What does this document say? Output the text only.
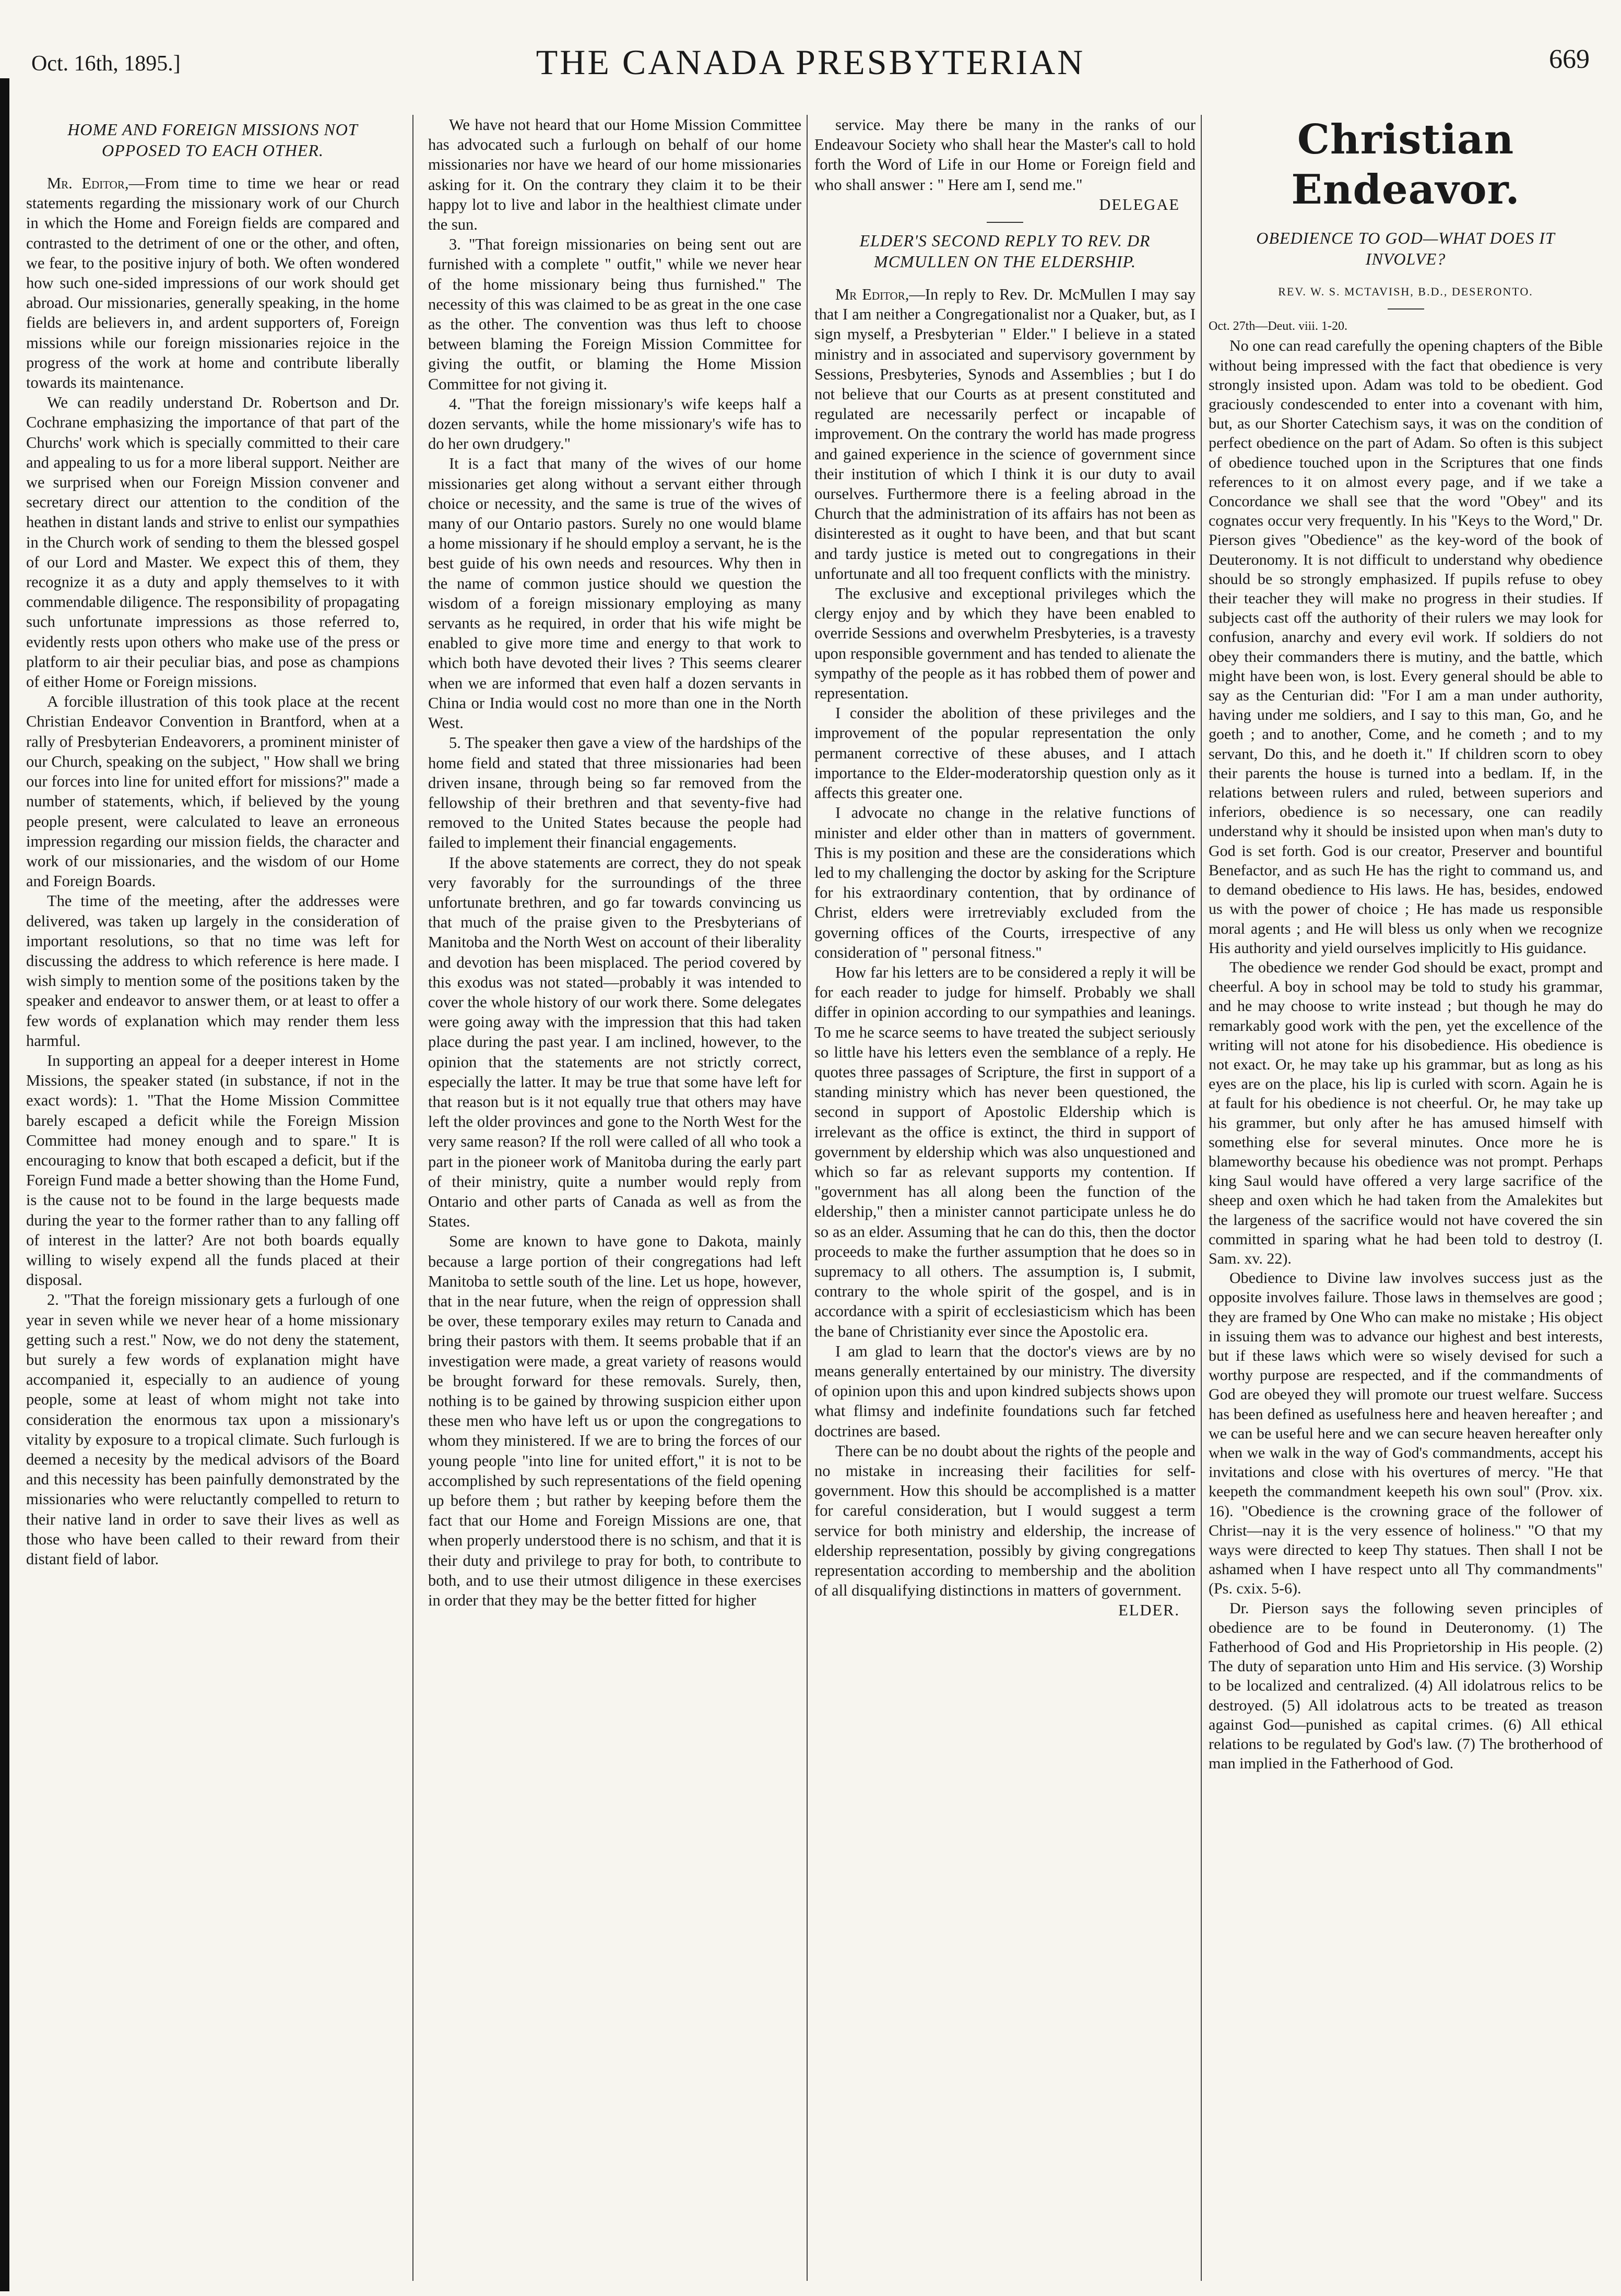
Oct. 16th, 1895.]	THE CANADA PRESBYTERIAN	669
HOME AND FOREIGN MISSIONS NOT OPPOSED TO EACH OTHER.

Mr. Editor,—From time to time we hear or read statements regarding the missionary work of our Church in which the Home and Foreign fields are compared and contrasted to the detriment of one or the other, and often, we fear, to the positive injury of both. We often wondered how such one-sided impressions of our work should get abroad. Our missionaries, generally speaking, in the home fields are believers in, and ardent supporters of, Foreign missions while our foreign missionaries rejoice in the progress of the work at home and contribute liberally towards its maintenance.

We can readily understand Dr. Robertson and Dr. Cochrane emphasizing the importance of that part of the Churchs' work which is specially committed to their care and appealing to us for a more liberal support. Neither are we surprised when our Foreign Mission convener and secretary direct our attention to the condition of the heathen in distant lands and strive to enlist our sympathies in the Church work of sending to them the blessed gospel of our Lord and Master. We expect this of them, they recognize it as a duty and apply themselves to it with commendable diligence. The responsibility of propagating such unfortunate impressions as those referred to, evidently rests upon others who make use of the press or platform to air their peculiar bias, and pose as champions of either Home or Foreign missions.

A forcible illustration of this took place at the recent Christian Endeavor Convention in Brantford, when at a rally of Presbyterian Endeavorers, a prominent minister of our Church, speaking on the subject, " How shall we bring our forces into line for united effort for missions?" made a number of statements, which, if believed by the young people present, were calculated to leave an erroneous impression regarding our mission fields, the character and work of our missionaries, and the wisdom of our Home and Foreign Boards.

The time of the meeting, after the addresses were delivered, was taken up largely in the consideration of important resolutions, so that no time was left for discussing the address to which reference is here made. I wish simply to mention some of the positions taken by the speaker and endeavor to answer them, or at least to offer a few words of explanation which may render them less harmful.

In supporting an appeal for a deeper interest in Home Missions, the speaker stated (in substance, if not in the exact words): 1. "That the Home Mission Committee barely escaped a deficit while the Foreign Mission Committee had money enough and to spare." It is encouraging to know that both escaped a deficit, but if the Foreign Fund made a better showing than the Home Fund, is the cause not to be found in the large bequests made during the year to the former rather than to any falling off of interest in the latter? Are not both boards equally willing to wisely expend all the funds placed at their disposal.

2. "That the foreign missionary gets a furlough of one year in seven while we never hear of a home missionary getting such a rest." Now, we do not deny the statement, but surely a few words of explanation might have accompanied it, especially to an audience of young people, some at least of whom might not take into consideration the enormous tax upon a missionary's vitality by exposure to a tropical climate. Such furlough is deemed a necesity by the medical advisors of the Board and this necessity has been painfully demonstrated by the missionaries who were reluctantly compelled to return to their native land in order to save their lives as well as those who have been called to their reward from their distant field of labor.

We have not heard that our Home Mission Committee has advocated such a furlough on behalf of our home missionaries nor have we heard of our home missionaries asking for it. On the contrary they claim it to be their happy lot to live and labor in the healthiest climate under the sun.

3. "That foreign missionaries on being sent out are furnished with a complete " outfit," while we never hear of the home missionary being thus furnished." The necessity of this was claimed to be as great in the one case as the other. The convention was thus left to choose between blaming the Foreign Mission Committee for giving the outfit, or blaming the Home Mission Committee for not giving it.

4. "That the foreign missionary's wife keeps half a dozen servants, while the home missionary's wife has to do her own drudgery."

It is a fact that many of the wives of our home missionaries get along without a servant either through choice or necessity, and the same is true of the wives of many of our Ontario pastors. Surely no one would blame a home missionary if he should employ a servant, he is the best guide of his own needs and resources. Why then in the name of common justice should we question the wisdom of a foreign missionary employing as many servants as he required, in order that his wife might be enabled to give more time and energy to that work to which both have devoted their lives ? This seems clearer when we are informed that even half a dozen servants in China or India would cost no more than one in the North West.

5. The speaker then gave a view of the hardships of the home field and stated that three missionaries had been driven insane, through being so far removed from the fellowship of their brethren and that seventy-five had removed to the United States because the people had failed to implement their financial engagements.

If the above statements are correct, they do not speak very favorably for the surroundings of the three unfortunate brethren, and go far towards convincing us that much of the praise given to the Presbyterians of Manitoba and the North West on account of their liberality and devotion has been misplaced. The period covered by this exodus was not stated—probably it was intended to cover the whole history of our work there. Some delegates were going away with the impression that this had taken place during the past year. I am inclined, however, to the opinion that the statements are not strictly correct, especially the latter. It may be true that some have left for that reason but is it not equally true that others may have left the older provinces and gone to the North West for the very same reason? If the roll were called of all who took a part in the pioneer work of Manitoba during the early part of their ministry, quite a number would reply from Ontario and other parts of Canada as well as from the States.

Some are known to have gone to Dakota, mainly because a large portion of their congregations had left Manitoba to settle south of the line. Let us hope, however, that in the near future, when the reign of oppression shall be over, these temporary exiles may return to Canada and bring their pastors with them. It seems probable that if an investigation were made, a great variety of reasons would be brought forward for these removals. Surely, then, nothing is to be gained by throwing suspicion either upon these men who have left us or upon the congregations to whom they ministered. If we are to bring the forces of our young people "into line for united effort," it is not to be accomplished by such representations of the field opening up before them ; but rather by keeping before them the fact that our Home and Foreign Missions are one, that when properly understood there is no schism, and that it is their duty and privilege to pray for both, to contribute to both, and to use their utmost diligence in these exercises in order that they may be the better fitted for higher

service. May there be many in the ranks of our Endeavour Society who shall hear the Master's call to hold forth the Word of Life in our Home or Foreign field and who shall answer : " Here am I, send me."

DELEGAE

ELDER'S SECOND REPLY TO REV. DR MCMULLEN ON THE ELDERSHIP.

Mr Editor,—In reply to Rev. Dr. McMullen I may say that I am neither a Congregationalist nor a Quaker, but, as I sign myself, a Presbyterian " Elder." I believe in a stated ministry and in associated and supervisory government by Sessions, Presbyteries, Synods and Assemblies ; but I do not believe that our Courts as at present constituted and regulated are necessarily perfect or incapable of improvement. On the contrary the world has made progress and gained experience in the science of government since their institution of which I think it is our duty to avail ourselves. Furthermore there is a feeling abroad in the Church that the administration of its affairs has not been as disinterested as it ought to have been, and that but scant and tardy justice is meted out to congregations in their unfortunate and all too frequent conflicts with the ministry.

The exclusive and exceptional privileges which the clergy enjoy and by which they have been enabled to override Sessions and overwhelm Presbyteries, is a travesty upon responsible government and has tended to alienate the sympathy of the people as it has robbed them of power and representation.

I consider the abolition of these privileges and the improvement of the popular representation the only permanent corrective of these abuses, and I attach importance to the Elder-moderatorship question only as it affects this greater one.

I advocate no change in the relative functions of minister and elder other than in matters of government. This is my position and these are the considerations which led to my challenging the doctor by asking for the Scripture for his extraordinary contention, that by ordinance of Christ, elders were irretreviably excluded from the governing offices of the Courts, irrespective of any consideration of " personal fitness."

How far his letters are to be considered a reply it will be for each reader to judge for himself. Probably we shall differ in opinion according to our sympathies and leanings. To me he scarce seems to have treated the subject seriously so little have his letters even the semblance of a reply. He quotes three passages of Scripture, the first in support of a standing ministry which has never been questioned, the second in support of Apostolic Eldership which is irrelevant as the office is extinct, the third in support of government by eldership which was also unquestioned and which so far as relevant supports my contention. If "government has all along been the function of the eldership," then a minister cannot participate unless he do so as an elder. Assuming that he can do this, then the doctor proceeds to make the further assumption that he does so in supremacy to all others. The assumption is, I submit, contrary to the whole spirit of the gospel, and is in accordance with a spirit of ecclesiasticism which has been the bane of Christianity ever since the Apostolic era.

I am glad to learn that the doctor's views are by no means generally entertained by our ministry. The diversity of opinion upon this and upon kindred subjects shows upon what flimsy and indefinite foundations such far fetched doctrines are based.

There can be no doubt about the rights of the people and no mistake in increasing their facilities for self-government. How this should be accomplished is a matter for careful consideration, but I would suggest a term service for both ministry and eldership, the increase of eldership representation, possibly by giving congregations representation according to membership and the abolition of all disqualifying distinctions in matters of government.

ELDER.

Christian Endeavor.
OBEDIENCE TO GOD—WHAT DOES IT INVOLVE?
REV. W. S. MCTAVISH, B.D., DESERONTO.

Oct. 27th—Deut. viii. 1-20.

No one can read carefully the opening chapters of the Bible without being impressed with the fact that obedience is very strongly insisted upon. Adam was told to be obedient. God graciously condescended to enter into a covenant with him, but, as our Shorter Catechism says, it was on the condition of perfect obedience on the part of Adam. So often is this subject of obedience touched upon in the Scriptures that one finds references to it on almost every page, and if we take a Concordance we shall see that the word "Obey" and its cognates occur very frequently. In his "Keys to the Word," Dr. Pierson gives "Obedience" as the key-word of the book of Deuteronomy. It is not difficult to understand why obedience should be so strongly emphasized. If pupils refuse to obey their teacher they will make no progress in their studies. If subjects cast off the authority of their rulers we may look for confusion, anarchy and every evil work. If soldiers do not obey their commanders there is mutiny, and the battle, which might have been won, is lost. Every general should be able to say as the Centurian did: "For I am a man under authority, having under me soldiers, and I say to this man, Go, and he goeth ; and to another, Come, and he cometh ; and to my servant, Do this, and he doeth it." If children scorn to obey their parents the house is turned into a bedlam. If, in the relations between rulers and ruled, between superiors and inferiors, obedience is so necessary, one can readily understand why it should be insisted upon when man's duty to God is set forth. God is our creator, Preserver and bountiful Benefactor, and as such He has the right to command us, and to demand obedience to His laws. He has, besides, endowed us with the power of choice ; He has made us responsible moral agents ; and He will bless us only when we recognize His authority and yield ourselves implicitly to His guidance.

The obedience we render God should be exact, prompt and cheerful. A boy in school may be told to study his grammar, and he may choose to write instead ; but though he may do remarkably good work with the pen, yet the excellence of the writing will not atone for his disobedience. His obedience is not exact. Or, he may take up his grammar, but as long as his eyes are on the place, his lip is curled with scorn. Again he is at fault for his obedience is not cheerful. Or, he may take up his grammer, but only after he has amused himself with something else for several minutes. Once more he is blameworthy because his obedience was not prompt. Perhaps king Saul would have offered a very large sacrifice of the sheep and oxen which he had taken from the Amalekites but the largeness of the sacrifice would not have covered the sin committed in sparing what he had been told to destroy (I. Sam. xv. 22).

Obedience to Divine law involves success just as the opposite involves failure. Those laws in themselves are good ; they are framed by One Who can make no mistake ; His object in issuing them was to advance our highest and best interests, but if these laws which were so wisely devised for such a worthy purpose are respected, and if the commandments of God are obeyed they will promote our truest welfare. Success has been defined as usefulness here and heaven hereafter ; and we can be useful here and we can secure heaven hereafter only when we walk in the way of God's commandments, accept his invitations and close with his overtures of mercy. "He that keepeth the commandment keepeth his own soul" (Prov. xix. 16). "Obedience is the crowning grace of the follower of Christ—nay it is the very essence of holiness." "O that my ways were directed to keep Thy statues. Then shall I not be ashamed when I have respect unto all Thy commandments" (Ps. cxix. 5-6).

Dr. Pierson says the following seven principles of obedience are to be found in Deuteronomy. (1) The Fatherhood of God and His Proprietorship in His people. (2) The duty of separation unto Him and His service. (3) Worship to be localized and centralized. (4) All idolatrous relics to be destroyed. (5) All idolatrous acts to be treated as treason against God—punished as capital crimes. (6) All ethical relations to be regulated by God's law. (7) The brotherhood of man implied in the Fatherhood of God.
